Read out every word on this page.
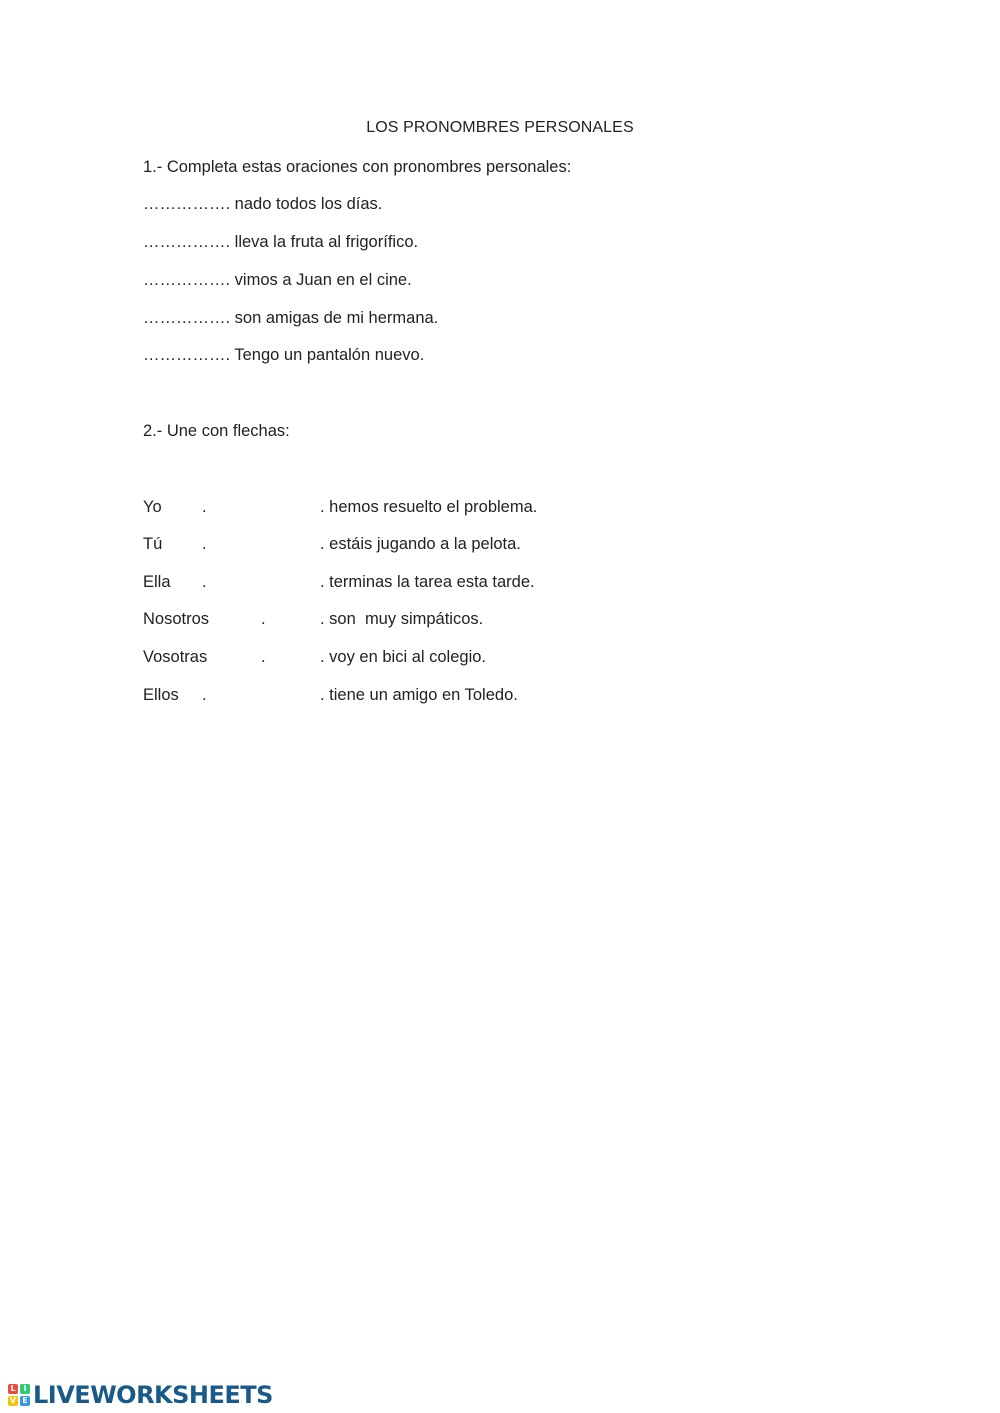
LOS PRONOMBRES PERSONALES
1.- Completa estas oraciones con pronombres personales:
……………. nado todos los días.
……………. lleva la fruta al frigorífico.
……………. vimos a Juan en el cine.
……………. son amigas de mi hermana.
……………. Tengo un pantalón nuevo.
2.- Une con flechas:
Yo .	. hemos resuelto el problema.
Tú .	. estáis jugando a la pelota.
Ella .	. terminas la tarea esta tarde.
Nosotros	.	. son  muy simpáticos.
Vosotras	.	. voy en bici al colegio.
Ellos .	. tiene un amigo en Toledo.
L I
V E LIVEWORKSHEETS
